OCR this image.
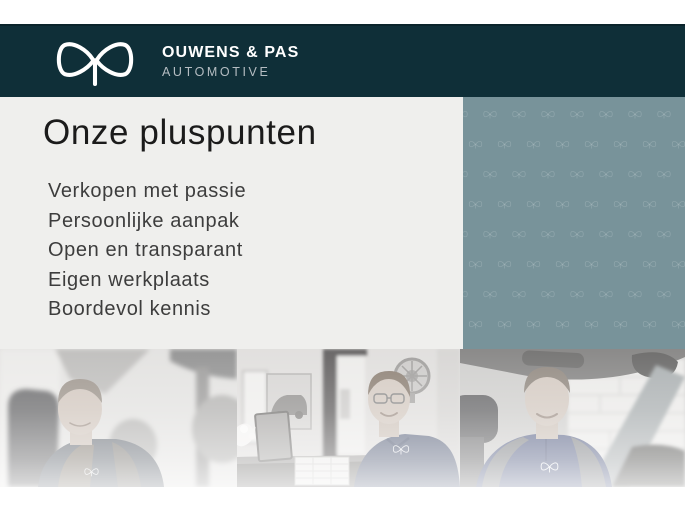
OUWENS & PAS
AUTOMOTIVE
Onze pluspunten
Verkopen met passie
Persoonlijke aanpak
Open en transparant
Eigen werkplaats
Boordevol kennis
